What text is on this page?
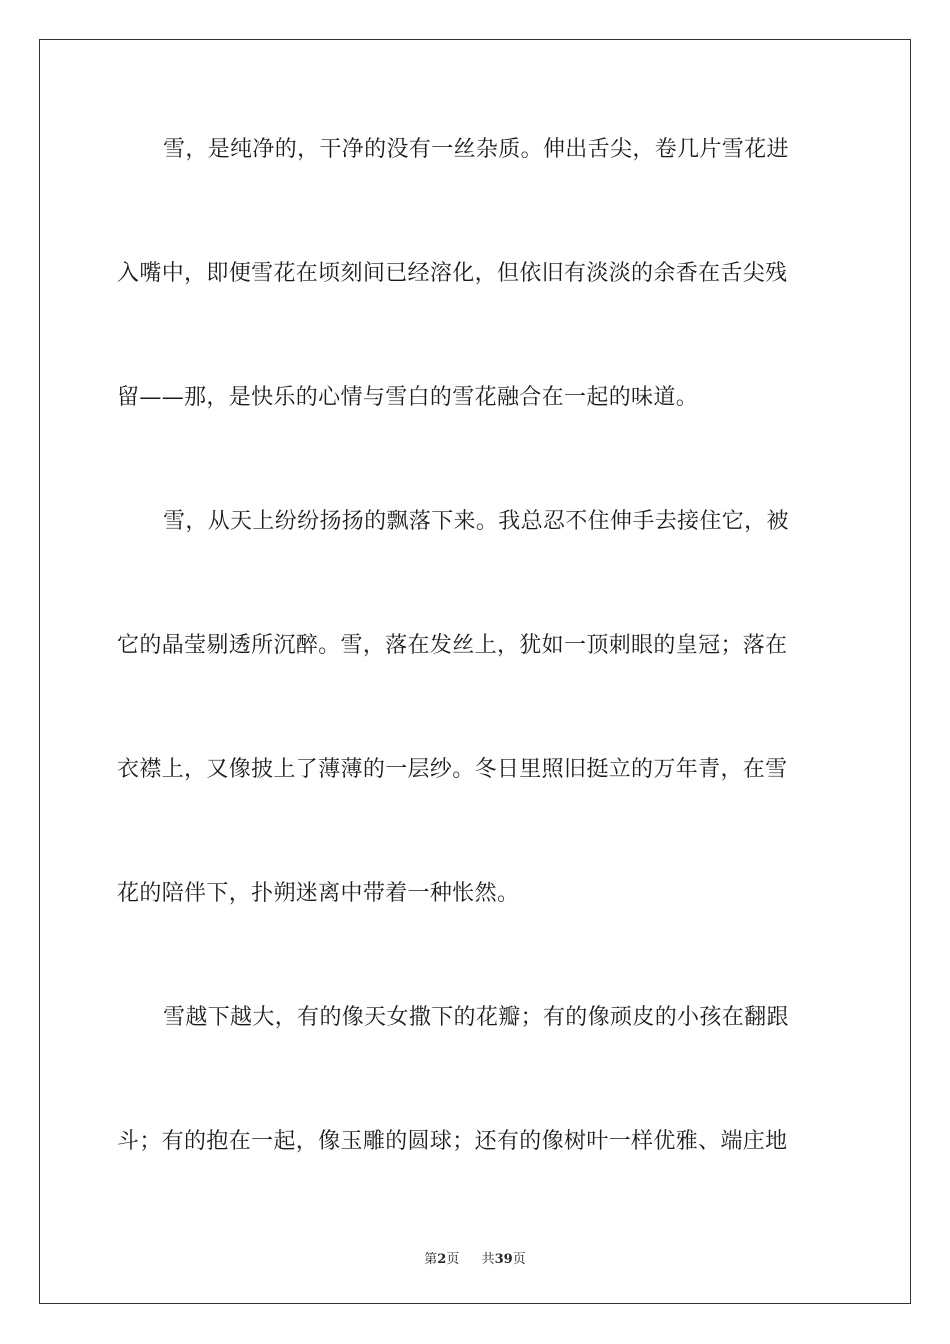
雪，是纯净的，干净的没有一丝杂质。伸出舌尖，卷几片雪花进
入嘴中，即便雪花在顷刻间已经溶化，但依旧有淡淡的余香在舌尖残
留——那，是快乐的心情与雪白的雪花融合在一起的味道。
雪，从天上纷纷扬扬的飘落下来。我总忍不住伸手去接住它，被
它的晶莹剔透所沉醉。雪，落在发丝上，犹如一顶刺眼的皇冠；落在
衣襟上，又像披上了薄薄的一层纱。冬日里照旧挺立的万年青，在雪
花的陪伴下，扑朔迷离中带着一种怅然。
雪越下越大，有的像天女撒下的花瓣；有的像顽皮的小孩在翻跟
斗；有的抱在一起，像玉雕的圆球；还有的像树叶一样优雅、端庄地
第2页 共39页
